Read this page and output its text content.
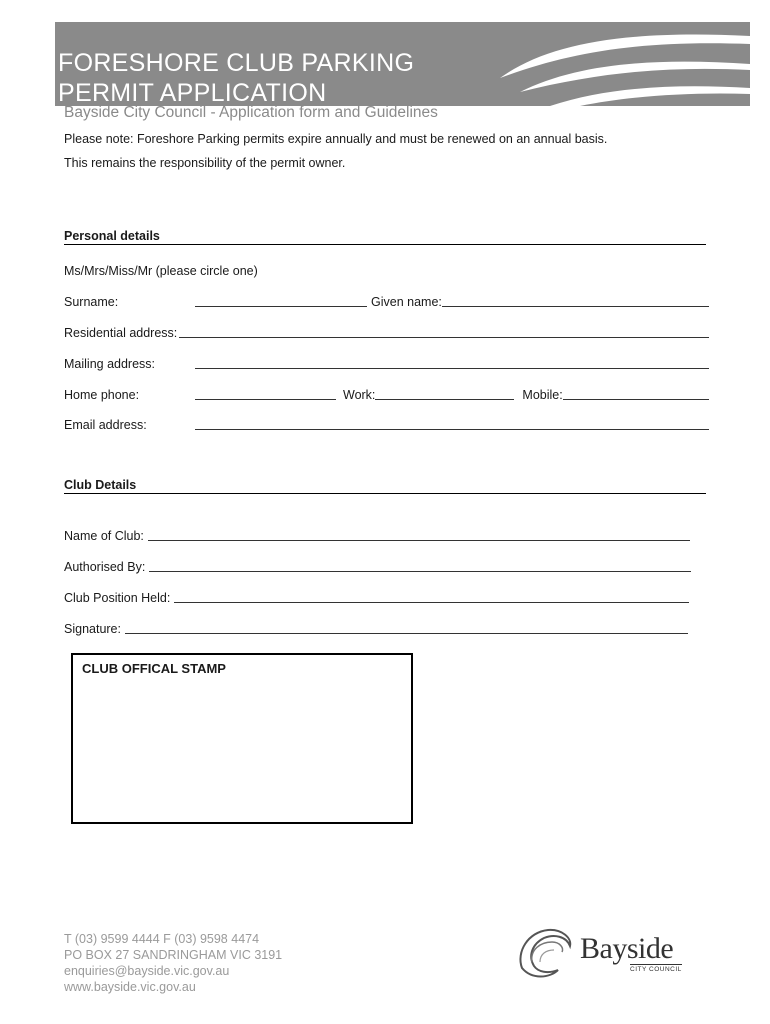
FORESHORE CLUB PARKING
PERMIT APPLICATION
Bayside City Council - Application form and Guidelines

Please note: Foreshore Parking permits expire annually and must be renewed on an annual basis.

This remains the responsibility of the permit owner.

Personal details
Ms/Mrs/Miss/Mr (please circle one)
Surname:	Given name:
Residential address:
Mailing address:
Home phone:	Work:	Mobile:
Email address:
Club Details
Name of Club:
Authorised By:
Club Position Held:
Signature:
CLUB OFFICAL STAMP
T (03) 9599 4444 F (03) 9598 4474
PO BOX 27 SANDRINGHAM VIC 3191
enquiries@bayside.vic.gov.au
www.bayside.vic.gov.au
Bayside
CITY COUNCIL
